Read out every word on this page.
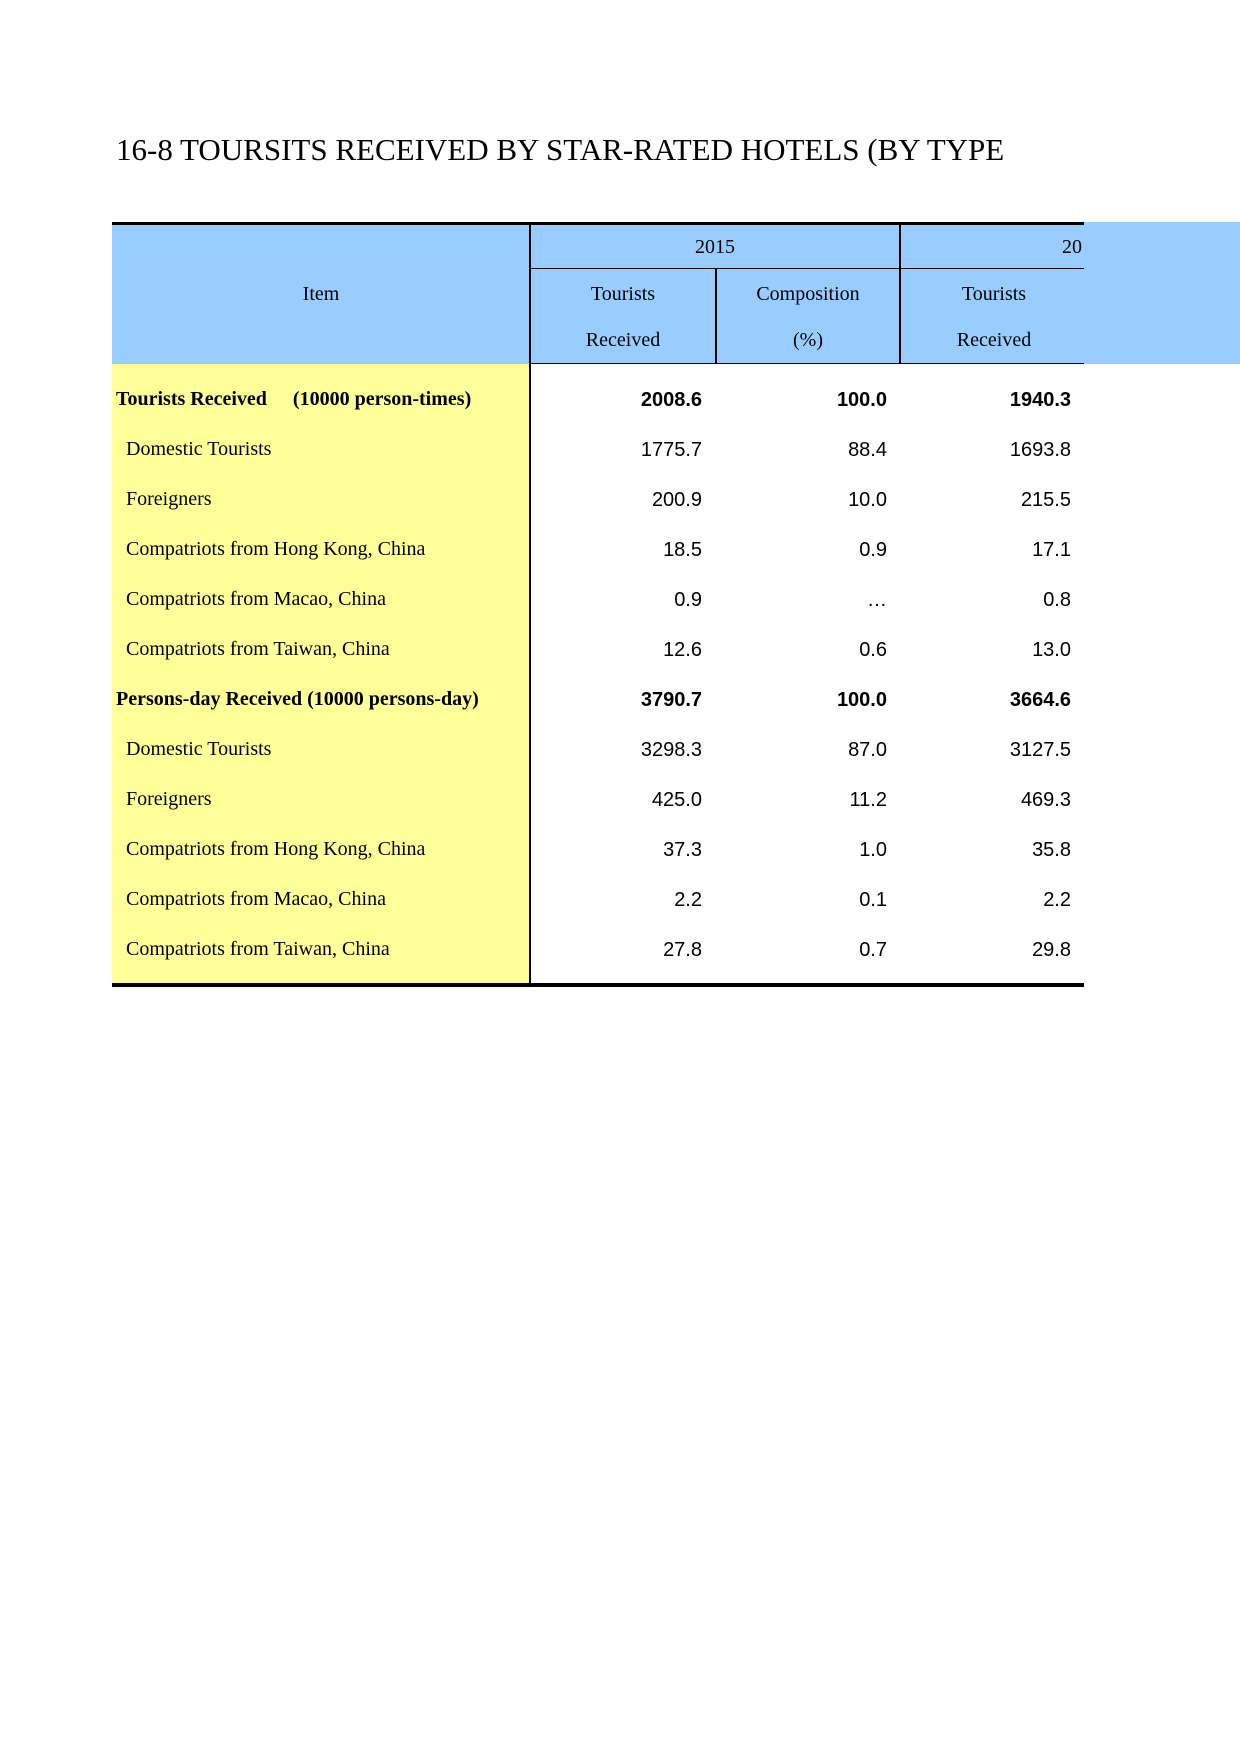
16-8 TOURSITS RECEIVED BY STAR-RATED HOTELS (BY TYPE
Item
2015	20
Tourists
Received
Composition
(%)
Tourists
Received
Tourists Received (10000 person-times)	2008.6	100.0	1940.3
Domestic Tourists	1775.7	88.4	1693.8
Foreigners	200.9	10.0	215.5
Compatriots from Hong Kong, China	18.5	0.9	17.1
Compatriots from Macao, China	0.9	…	0.8
Compatriots from Taiwan, China	12.6	0.6	13.0
Persons-day Received (10000 persons-day)	3790.7	100.0	3664.6
Domestic Tourists	3298.3	87.0	3127.5
Foreigners	425.0	11.2	469.3
Compatriots from Hong Kong, China	37.3	1.0	35.8
Compatriots from Macao, China	2.2	0.1	2.2
Compatriots from Taiwan, China	27.8	0.7	29.8
